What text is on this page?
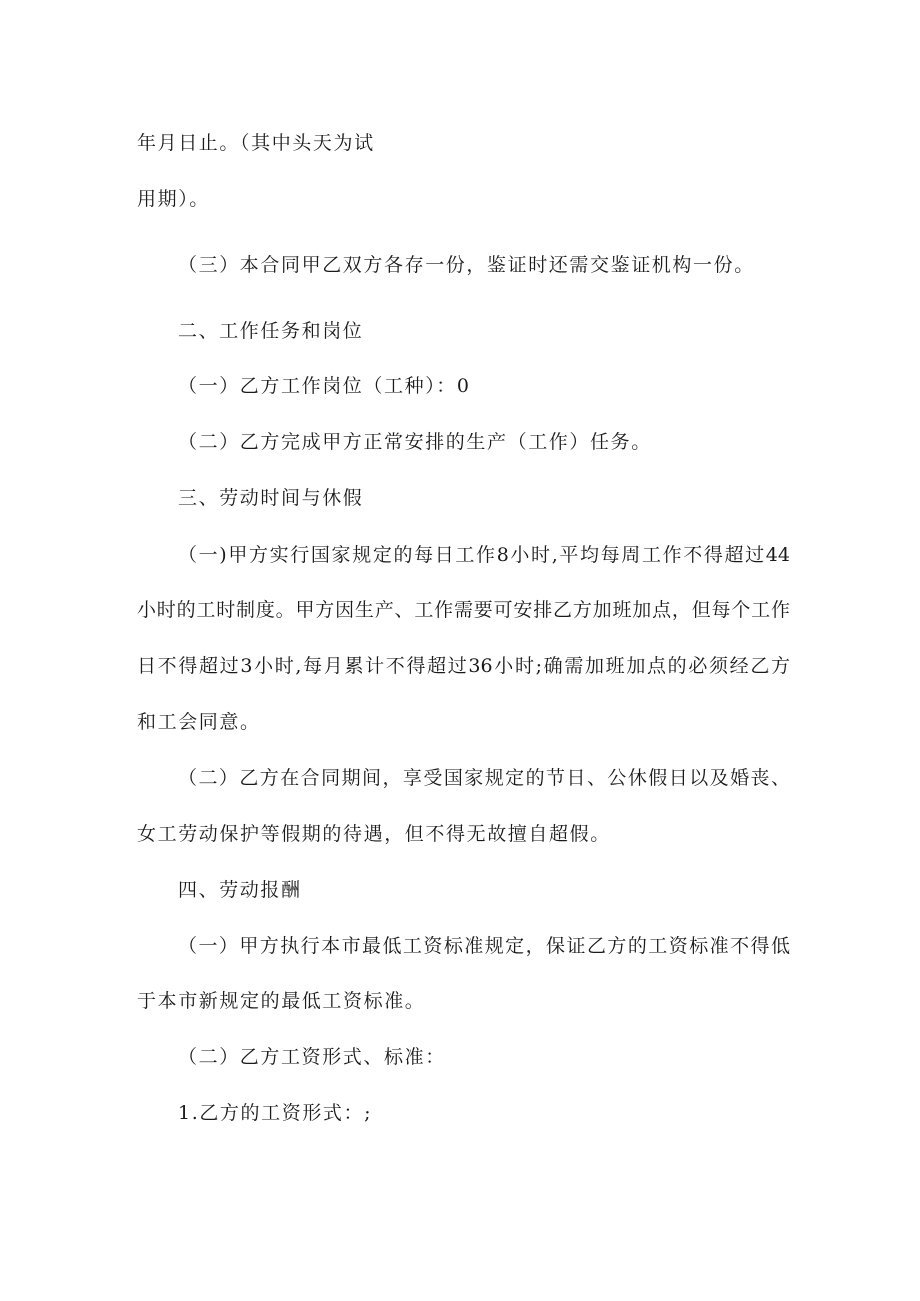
年月日止。（其中头天为试
用期）。
（三）本合同甲乙双方各存一份，鉴证时还需交鉴证机构一份。
二、工作任务和岗位
（一）乙方工作岗位（工种）：0
（二）乙方完成甲方正常安排的生产（工作）任务。
三、劳动时间与休假
（一)甲方实行国家规定的每日工作8小时,平均每周工作不得超过44
小时的工时制度。甲方因生产、工作需要可安排乙方加班加点，但每个工作
日不得超过3小时,每月累计不得超过36小时;确需加班加点的必须经乙方
和工会同意。
（二）乙方在合同期间，享受国家规定的节日、公休假日以及婚丧、
女工劳动保护等假期的待遇，但不得无故擅自超假。
四、劳动报酬
（一）甲方执行本市最低工资标准规定，保证乙方的工资标准不得低
于本市新规定的最低工资标准。
（二）乙方工资形式、标准：
1.乙方的工资形式：;
